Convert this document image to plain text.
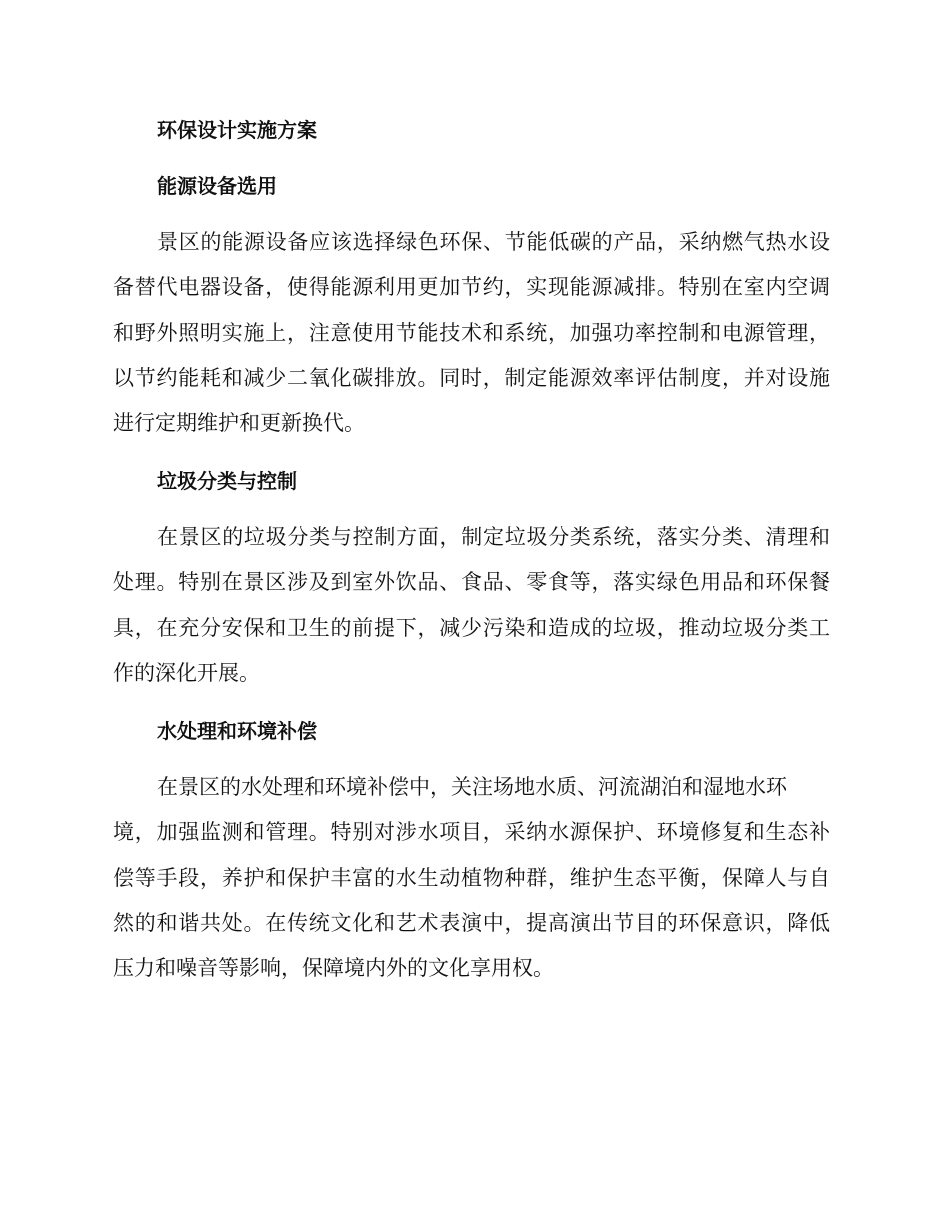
环保设计实施方案
能源设备选用
景区的能源设备应该选择绿色环保、节能低碳的产品，采纳燃气热水设
备替代电器设备，使得能源利用更加节约，实现能源减排。特别在室内空调
和野外照明实施上，注意使用节能技术和系统，加强功率控制和电源管理，
以节约能耗和减少二氧化碳排放。同时，制定能源效率评估制度，并对设施
进行定期维护和更新换代。
垃圾分类与控制
在景区的垃圾分类与控制方面，制定垃圾分类系统，落实分类、清理和
处理。特别在景区涉及到室外饮品、食品、零食等，落实绿色用品和环保餐
具，在充分安保和卫生的前提下，减少污染和造成的垃圾，推动垃圾分类工
作的深化开展。
水处理和环境补偿
在景区的水处理和环境补偿中，关注场地水质、河流湖泊和湿地水环
境，加强监测和管理。特别对涉水项目，采纳水源保护、环境修复和生态补
偿等手段，养护和保护丰富的水生动植物种群，维护生态平衡，保障人与自
然的和谐共处。在传统文化和艺术表演中，提高演出节目的环保意识，降低
压力和噪音等影响，保障境内外的文化享用权。
